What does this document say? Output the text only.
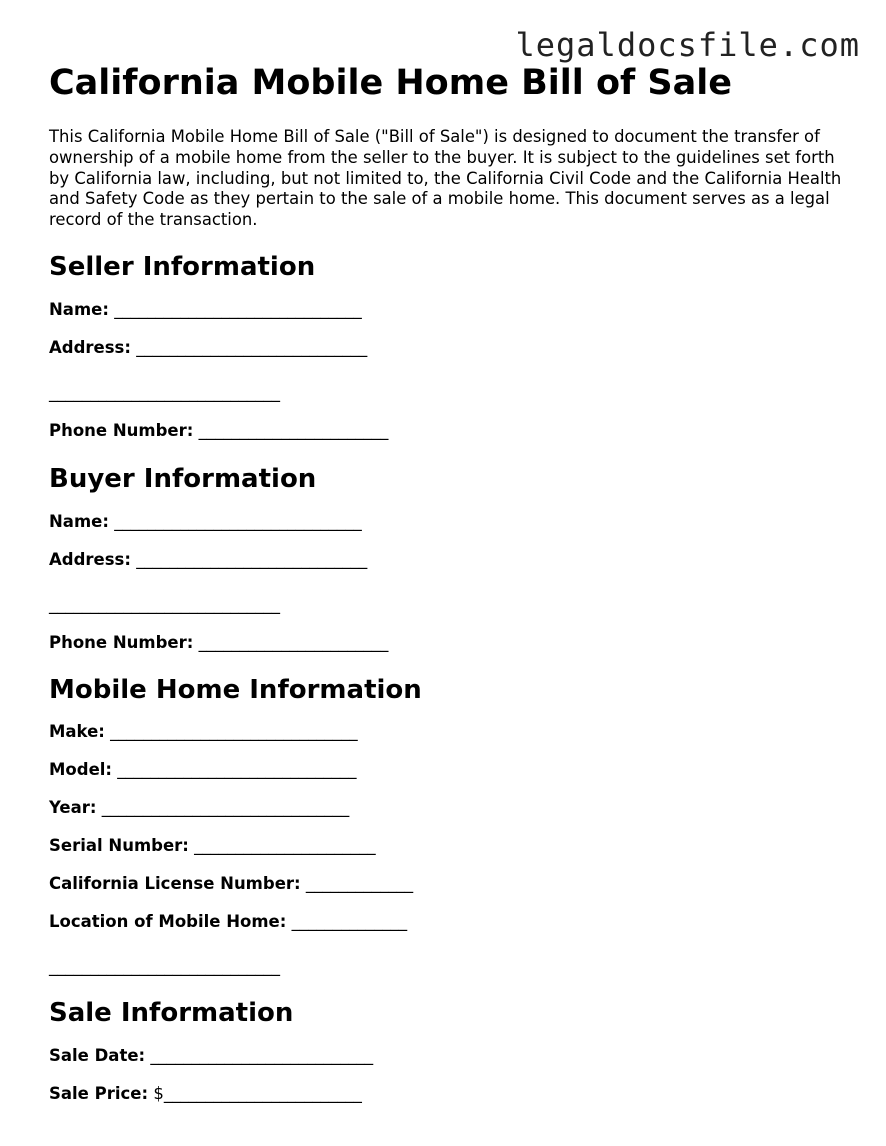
legaldocsfile.com
California Mobile Home Bill of Sale

This California Mobile Home Bill of Sale ("Bill of Sale") is designed to document the transfer of ownership of a mobile home from the seller to the buyer. It is subject to the guidelines set forth by California law, including, but not limited to, the California Civil Code and the California Health and Safety Code as they pertain to the sale of a mobile home. This document serves as a legal record of the transaction.

Seller Information
Name: ______________________________
Address: ____________________________
____________________________
Phone Number: _______________________
Buyer Information
Name: ______________________________
Address: ____________________________
____________________________
Phone Number: _______________________
Mobile Home Information
Make: ______________________________
Model: _____________________________
Year: ______________________________
Serial Number: ______________________
California License Number: _____________
Location of Mobile Home: ______________
____________________________
Sale Information
Sale Date: ___________________________
Sale Price: $________________________
